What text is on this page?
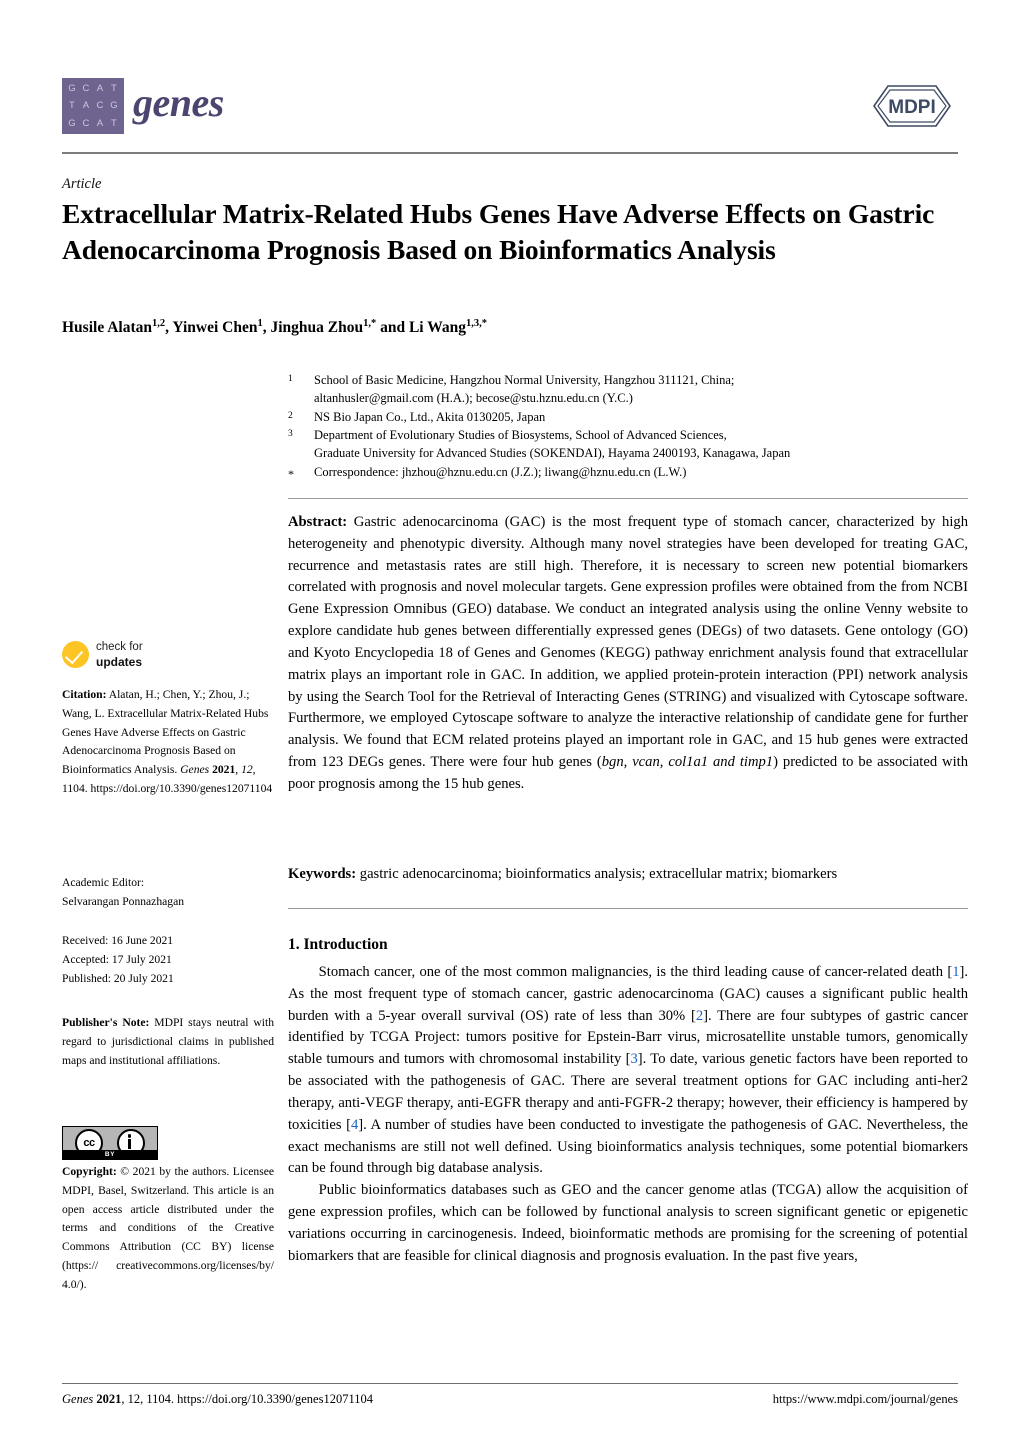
G C A T
T A C G
G C A T genes	MDPI
Article
Extracellular Matrix-Related Hubs Genes Have Adverse Effects on Gastric Adenocarcinoma Prognosis Based on Bioinformatics Analysis
Husile Alatan$^{1,2}$, Yinwei Chen$^1$, Jinghua Zhou$^{1,*}$ and Li Wang$^{1,3,*}$
1	School of Basic Medicine, Hangzhou Normal University, Hangzhou 311121, China;
altanhusler@gmail.com (H.A.); becose@stu.hznu.edu.cn (Y.C.)
2	NS Bio Japan Co., Ltd., Akita 0130205, Japan
3	Department of Evolutionary Studies of Biosystems, School of Advanced Sciences,
Graduate University for Advanced Studies (SOKENDAI), Hayama 2400193, Kanagawa, Japan
*	Correspondence: jhzhou@hznu.edu.cn (J.Z.); liwang@hznu.edu.cn (L.W.)
Abstract: Gastric adenocarcinoma (GAC) is the most frequent type of stomach cancer, characterized by high heterogeneity and phenotypic diversity. Although many novel strategies have been developed for treating GAC, recurrence and metastasis rates are still high. Therefore, it is necessary to screen new potential biomarkers correlated with prognosis and novel molecular targets. Gene expression profiles were obtained from the from NCBI Gene Expression Omnibus (GEO) database. We conduct an integrated analysis using the online Venny website to explore candidate hub genes between differentially expressed genes (DEGs) of two datasets. Gene ontology (GO) and Kyoto Encyclopedia 18 of Genes and Genomes (KEGG) pathway enrichment analysis found that extracellular matrix plays an important role in GAC. In addition, we applied protein-protein interaction (PPI) network analysis by using the Search Tool for the Retrieval of Interacting Genes (STRING) and visualized with Cytoscape software. Furthermore, we employed Cytoscape software to analyze the interactive relationship of candidate gene for further analysis. We found that ECM related proteins played an important role in GAC, and 15 hub genes were extracted from 123 DEGs genes. There were four hub genes (bgn, vcan, col1a1 and timp1) predicted to be associated with poor prognosis among the 15 hub genes.
Keywords: gastric adenocarcinoma; bioinformatics analysis; extracellular matrix; biomarkers
check for
updates
Citation: Alatan, H.; Chen, Y.; Zhou, J.; Wang, L. Extracellular Matrix-Related Hubs Genes Have Adverse Effects on Gastric Adenocarcinoma Prognosis Based on Bioinformatics Analysis. Genes 2021, 12, 1104. https://doi.org/10.3390/genes12071104
Academic Editor:
Selvarangan Ponnazhagan
Received: 16 June 2021
Accepted: 17 July 2021
Published: 20 July 2021
Publisher's Note: MDPI stays neutral with regard to jurisdictional claims in published maps and institutional affiliations.
cc
BY
Copyright: © 2021 by the authors. Licensee MDPI, Basel, Switzerland. This article is an open access article distributed under the terms and conditions of the Creative Commons Attribution (CC BY) license (https:// creativecommons.org/licenses/by/ 4.0/).
1. Introduction

Stomach cancer, one of the most common malignancies, is the third leading cause of cancer-related death [1]. As the most frequent type of stomach cancer, gastric adenocarcinoma (GAC) causes a significant public health burden with a 5-year overall survival (OS) rate of less than 30% [2]. There are four subtypes of gastric cancer identified by TCGA Project: tumors positive for Epstein-Barr virus, microsatellite unstable tumors, genomically stable tumours and tumors with chromosomal instability [3]. To date, various genetic factors have been reported to be associated with the pathogenesis of GAC. There are several treatment options for GAC including anti-her2 therapy, anti-VEGF therapy, anti-EGFR therapy and anti-FGFR-2 therapy; however, their efficiency is hampered by toxicities [4]. A number of studies have been conducted to investigate the pathogenesis of GAC. Nevertheless, the exact mechanisms are still not well defined. Using bioinformatics analysis techniques, some potential biomarkers can be found through big database analysis.

Public bioinformatics databases such as GEO and the cancer genome atlas (TCGA) allow the acquisition of gene expression profiles, which can be followed by functional analysis to screen significant genetic or epigenetic variations occurring in carcinogenesis. Indeed, bioinformatic methods are promising for the screening of potential biomarkers that are feasible for clinical diagnosis and prognosis evaluation. In the past five years,

Genes 2021, 12, 1104. https://doi.org/10.3390/genes12071104	https://www.mdpi.com/journal/genes
